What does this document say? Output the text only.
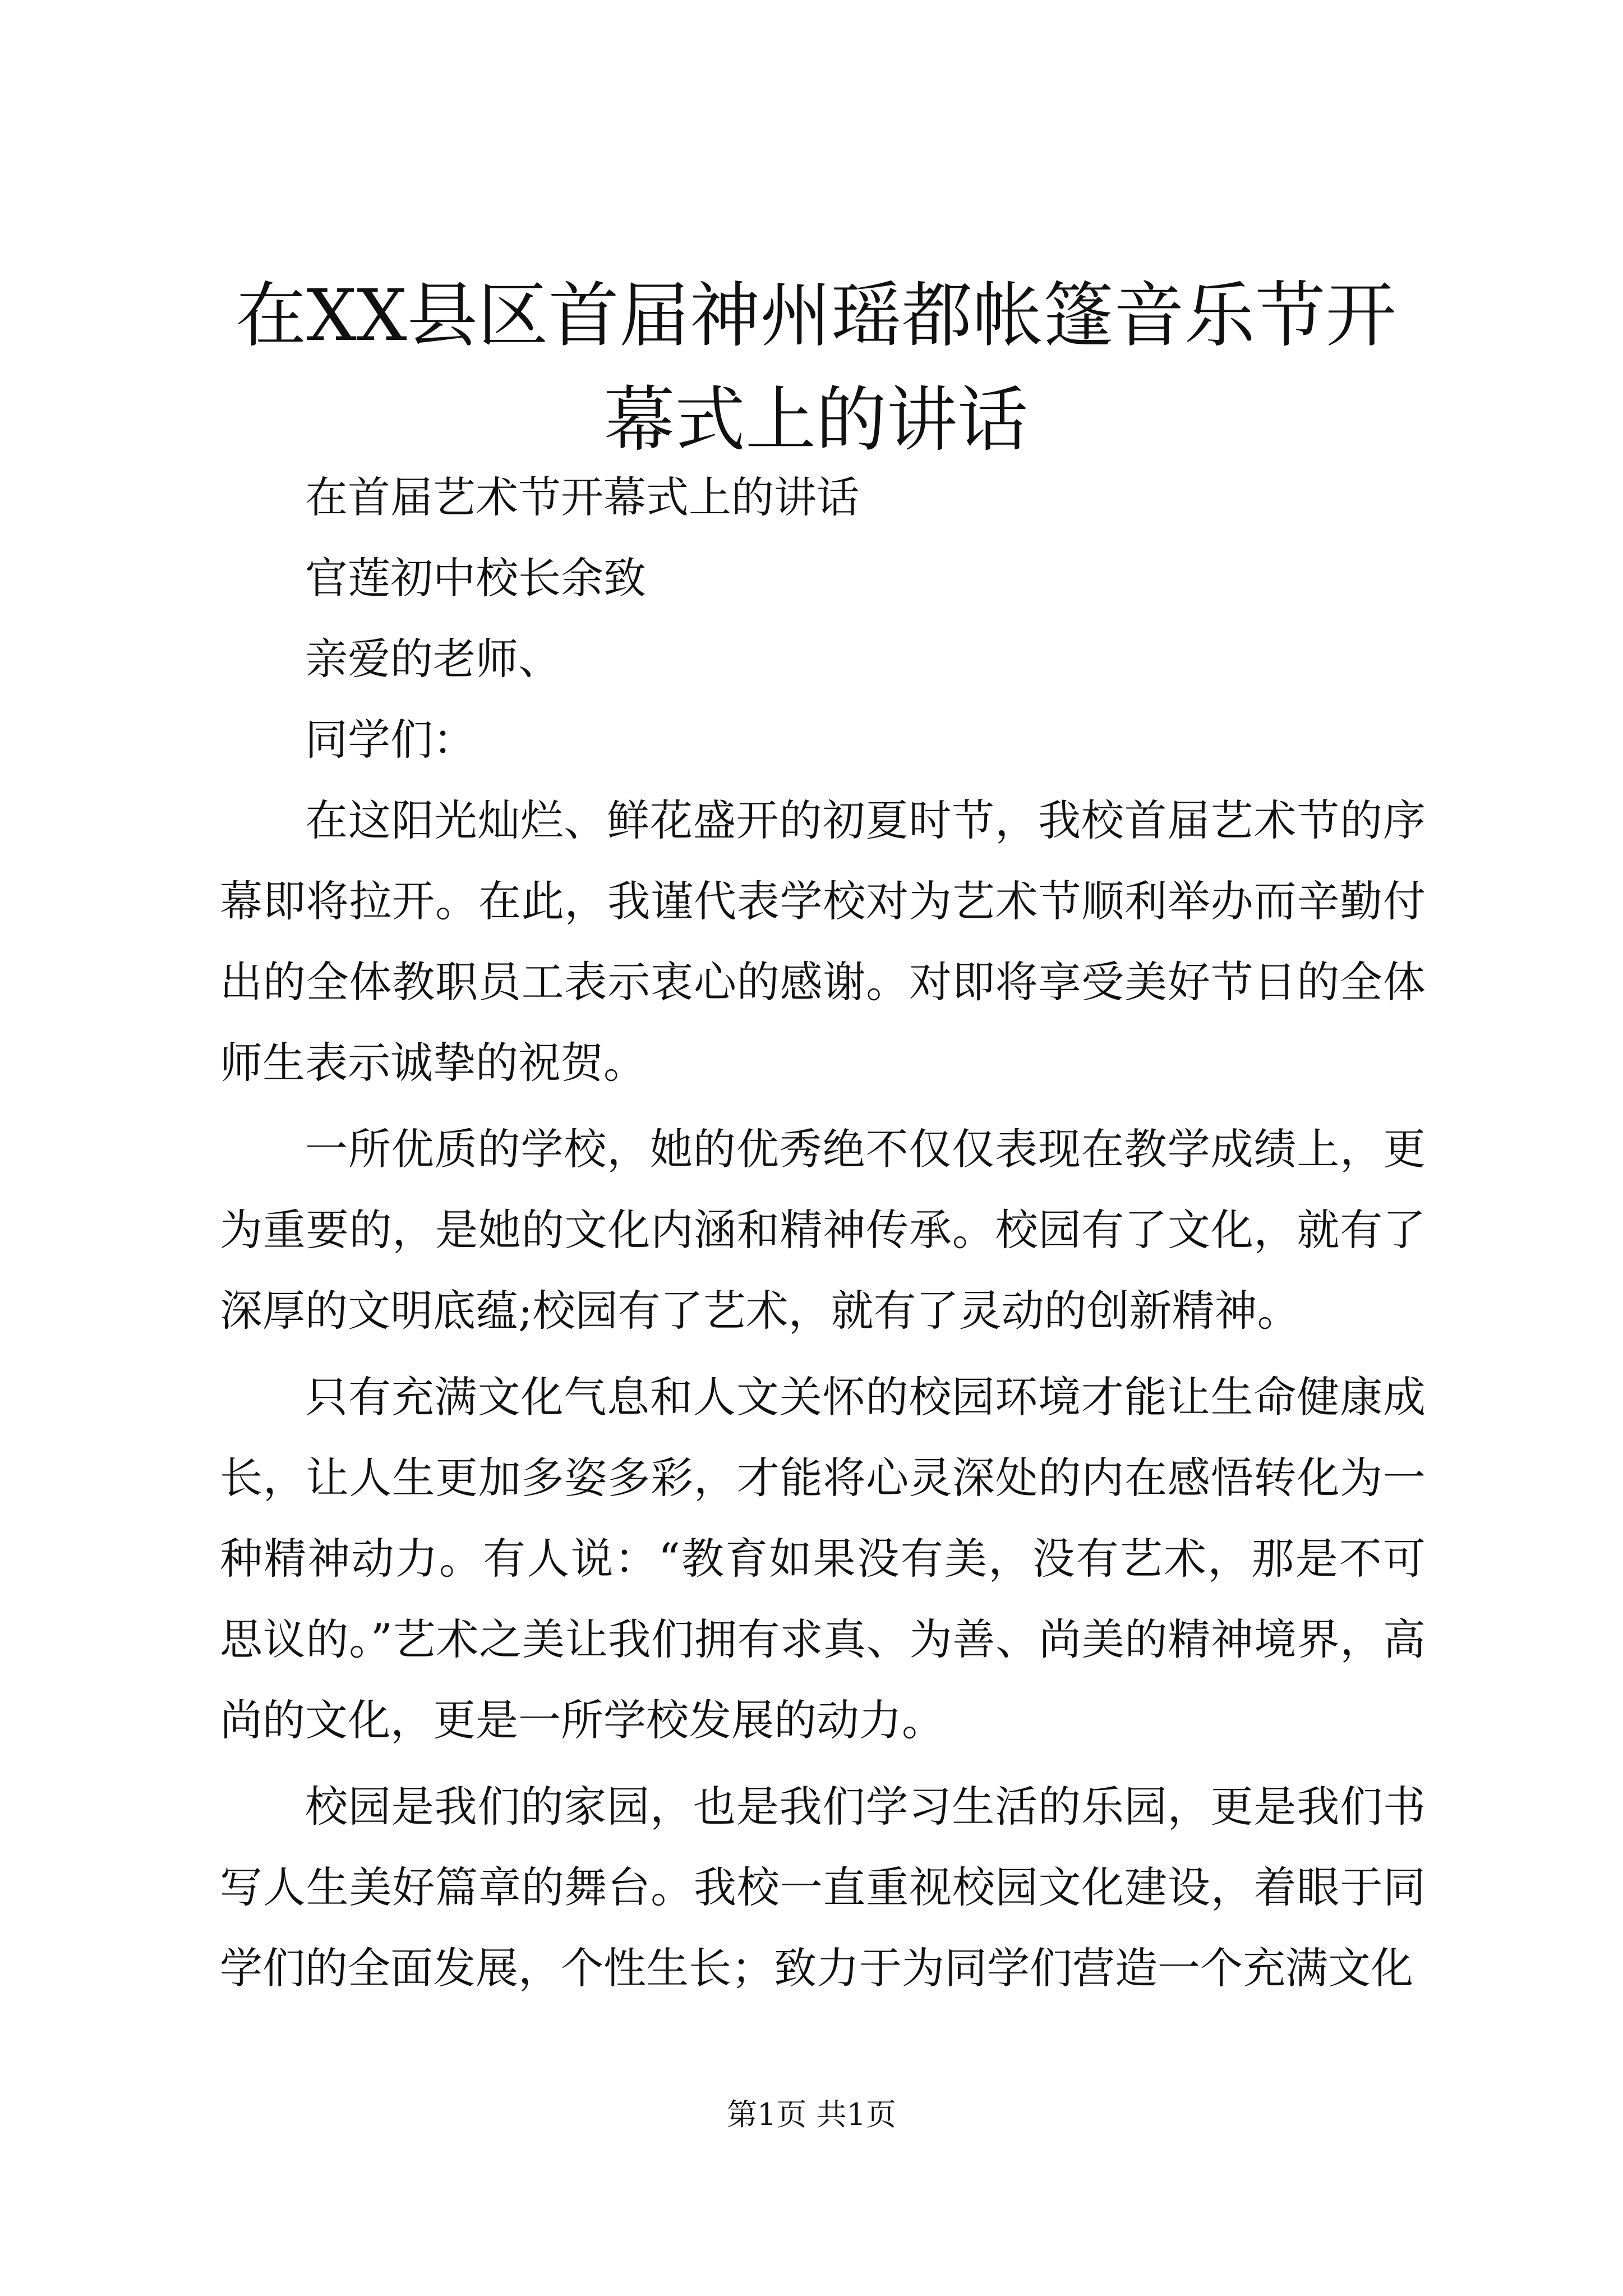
在XX县区首届神州瑶都帐篷音乐节开幕式上的讲话

在首届艺术节开幕式上的讲话

官莲初中校长余致

亲爱的老师、

同学们：

在这阳光灿烂、鲜花盛开的初夏时节，我校首届艺术节的序幕即将拉开。在此，我谨代表学校对为艺术节顺利举办而辛勤付出的全体教职员工表示衷心的感谢。对即将享受美好节日的全体师生表示诚挚的祝贺。

一所优质的学校，她的优秀绝不仅仅表现在教学成绩上，更为重要的，是她的文化内涵和精神传承。校园有了文化，就有了深厚的文明底蕴;校园有了艺术，就有了灵动的创新精神。

只有充满文化气息和人文关怀的校园环境才能让生命健康成长，让人生更加多姿多彩，才能将心灵深处的内在感悟转化为一种精神动力。有人说：“教育如果没有美，没有艺术，那是不可思议的。”艺术之美让我们拥有求真、为善、尚美的精神境界，高尚的文化，更是一所学校发展的动力。

校园是我们的家园，也是我们学习生活的乐园，更是我们书写人生美好篇章的舞台。我校一直重视校园文化建设，着眼于同学们的全面发展，个性生长；致力于为同学们营造一个充满文化

第1页 共1页
